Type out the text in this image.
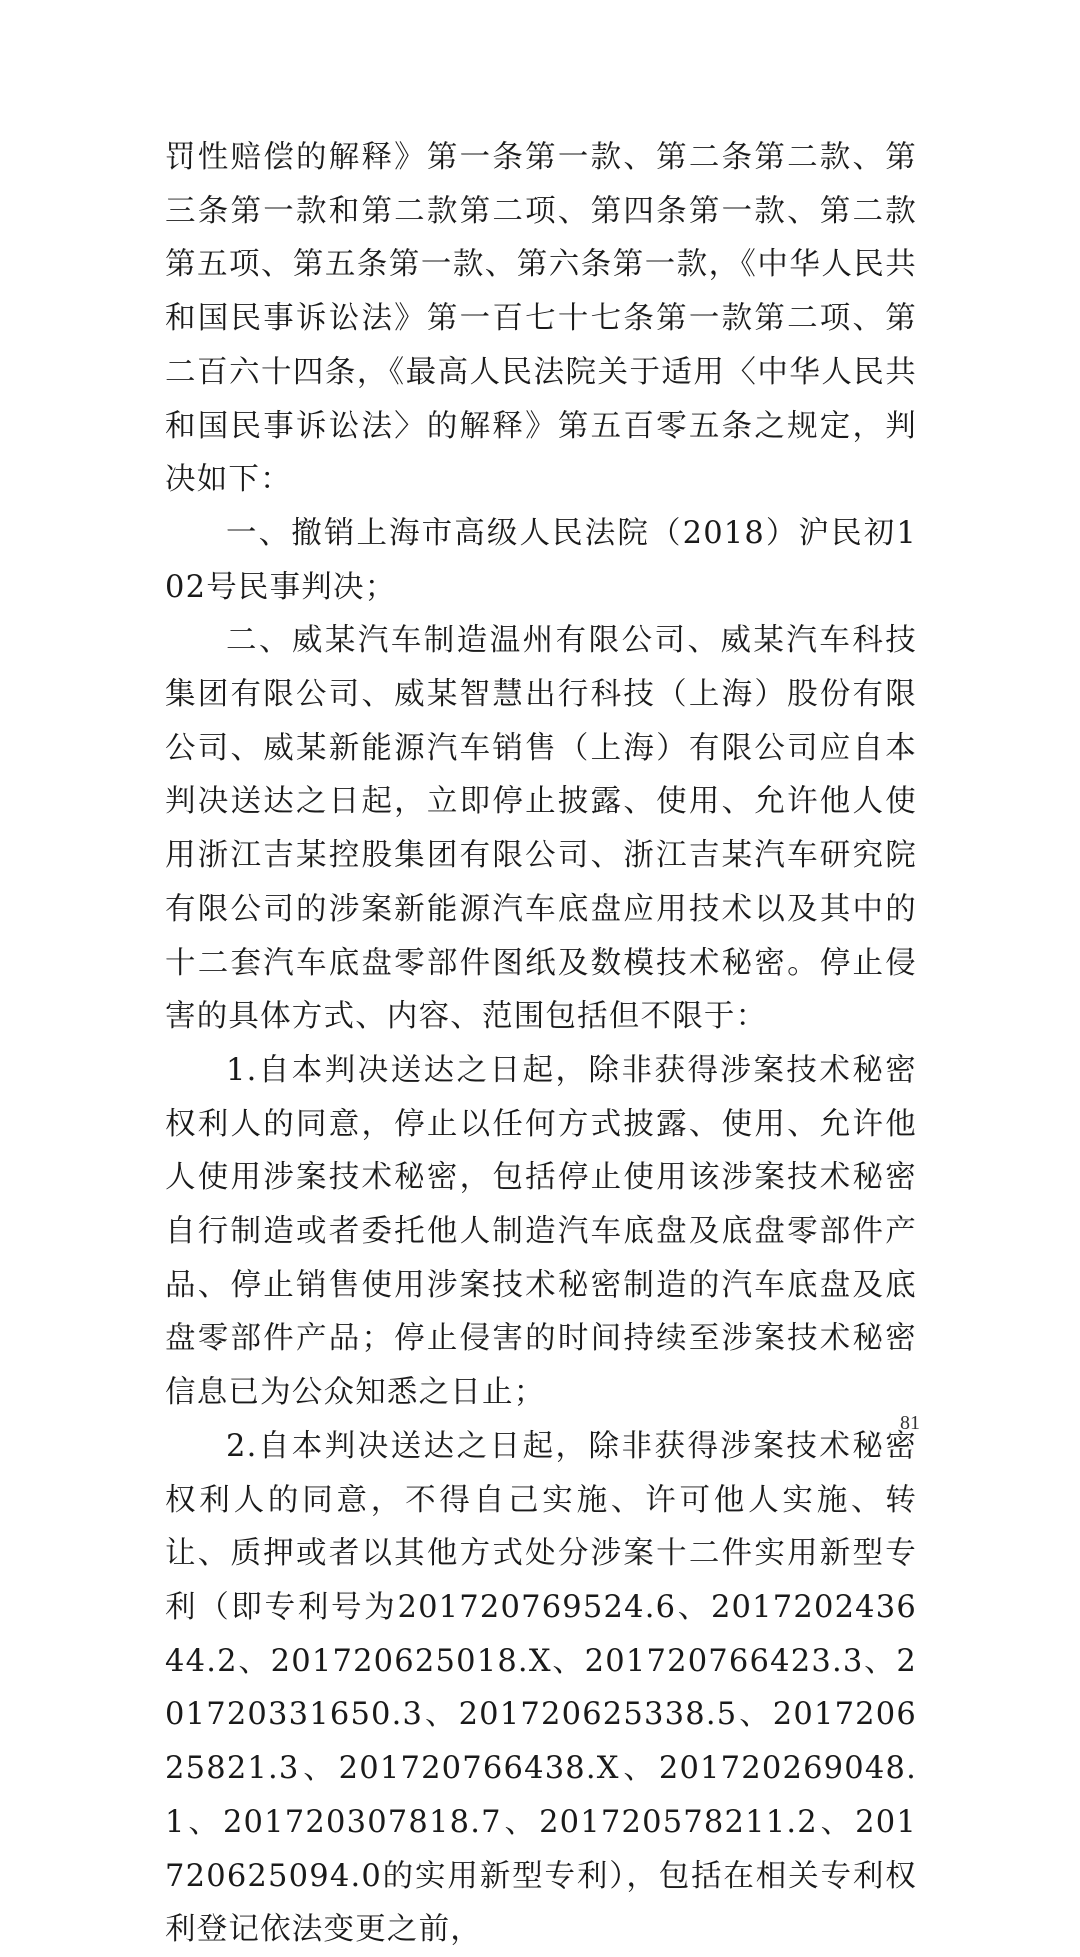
罚性赔偿的解释》第一条第一款、第二条第二款、第三条第一款和第二款第二项、第四条第一款、第二款第五项、第五条第一款、第六条第一款，《中华人民共和国民事诉讼法》第一百七十七条第一款第二项、第二百六十四条，《最高人民法院关于适用〈中华人民共和国民事诉讼法〉的解释》第五百零五条之规定，判决如下：

一、撤销上海市高级人民法院（2018）沪民初102号民事判决；

二、威某汽车制造温州有限公司、威某汽车科技集团有限公司、威某智慧出行科技（上海）股份有限公司、威某新能源汽车销售（上海）有限公司应自本判决送达之日起，立即停止披露、使用、允许他人使用浙江吉某控股集团有限公司、浙江吉某汽车研究院有限公司的涉案新能源汽车底盘应用技术以及其中的十二套汽车底盘零部件图纸及数模技术秘密。停止侵害的具体方式、内容、范围包括但不限于：

1.自本判决送达之日起，除非获得涉案技术秘密权利人的同意，停止以任何方式披露、使用、允许他人使用涉案技术秘密，包括停止使用该涉案技术秘密自行制造或者委托他人制造汽车底盘及底盘零部件产品、停止销售使用涉案技术秘密制造的汽车底盘及底盘零部件产品；停止侵害的时间持续至涉案技术秘密信息已为公众知悉之日止；

2.自本判决送达之日起，除非获得涉案技术秘密权利人的同意，不得自己实施、许可他人实施、转让、质押或者以其他方式处分涉案十二件实用新型专利（即专利号为201720769524.6、201720243644.2、201720625018.X、201720766423.3、201720331650.3、201720625338.5、201720625821.3、201720766438.X、201720269048.1、201720307818.7、201720578211.2、201720625094.0的实用新型专利），包括在相关专利权利登记依法变更之前，

81
